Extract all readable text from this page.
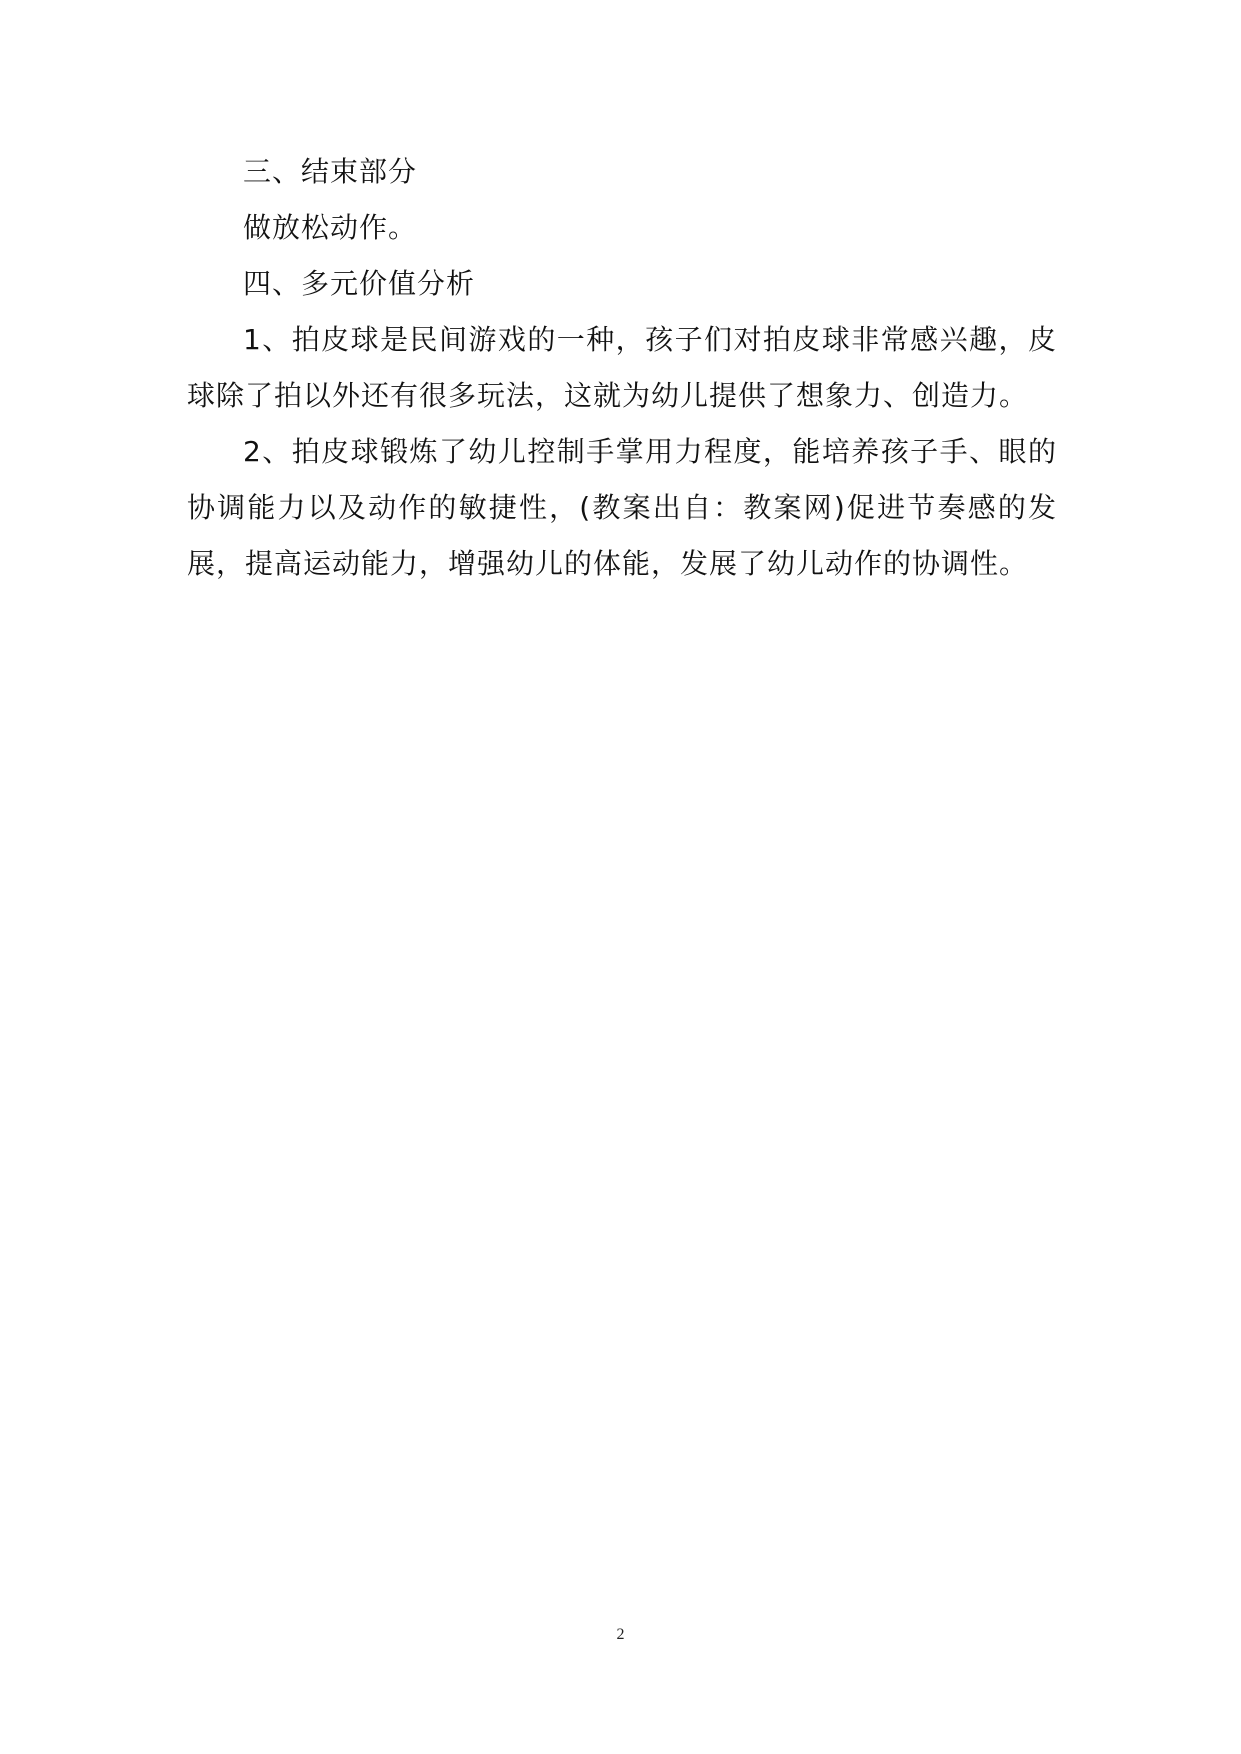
三、结束部分

做放松动作。

四、多元价值分析

1、拍皮球是民间游戏的一种，孩子们对拍皮球非常感兴趣，皮球除了拍以外还有很多玩法，这就为幼儿提供了想象力、创造力。

2、拍皮球锻炼了幼儿控制手掌用力程度，能培养孩子手、眼的协调能力以及动作的敏捷性，(教案出自：教案网)促进节奏感的发展，提高运动能力，增强幼儿的体能，发展了幼儿动作的协调性。

2
